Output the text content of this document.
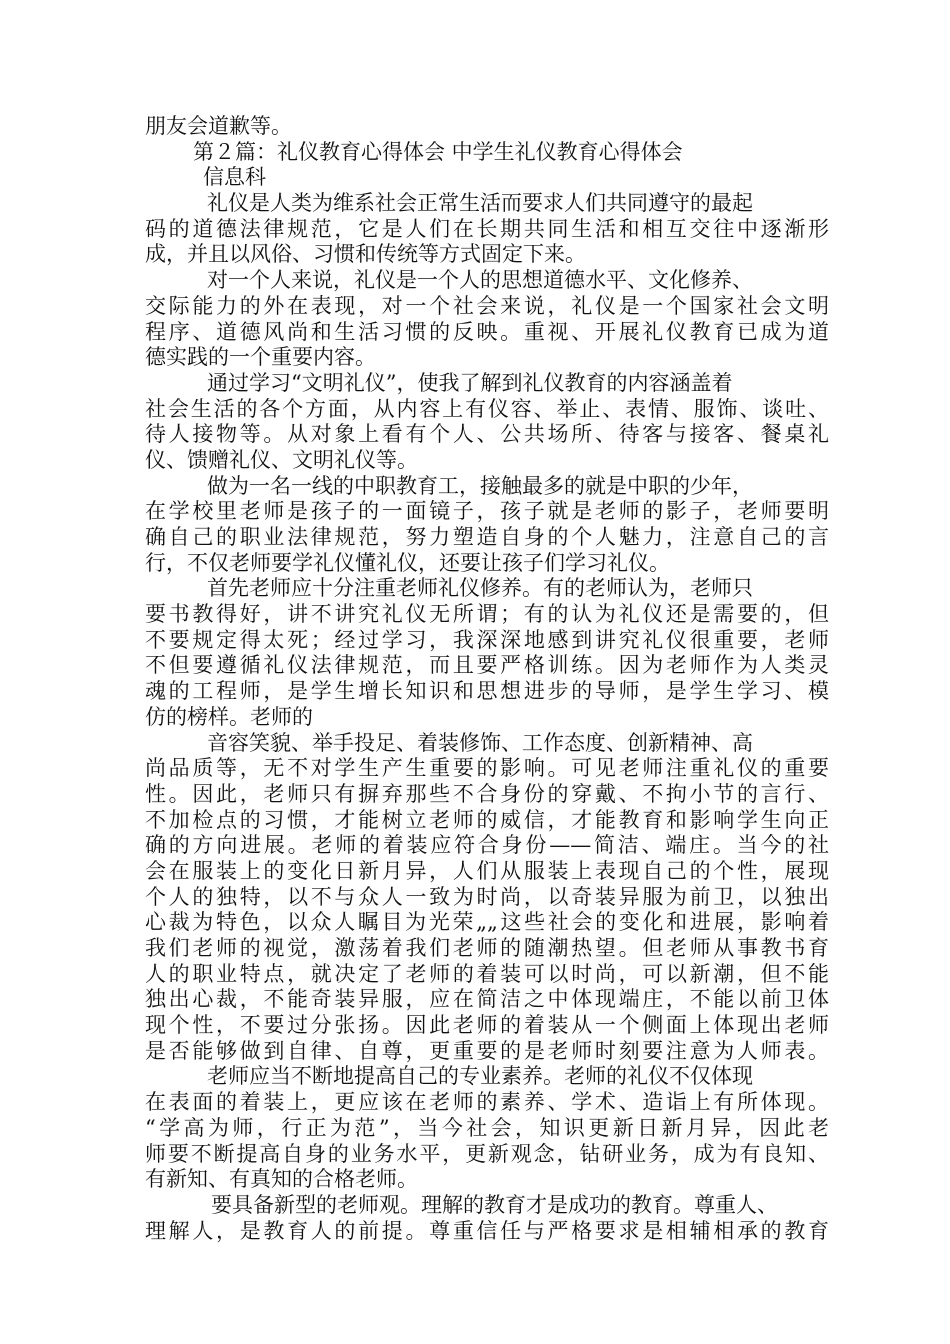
朋友会道歉等。
第２篇：礼仪教育心得体会 中学生礼仪教育心得体会
信息科
礼仪是人类为维系社会正常生活而要求人们共同遵守的最起
码的道德法律规范，它是人们在长期共同生活和相互交往中逐渐形
成，并且以风俗、习惯和传统等方式固定下来。
对一个人来说，礼仪是一个人的思想道德水平、文化修养、
交际能力的外在表现，对一个社会来说，礼仪是一个国家社会文明
程序、道德风尚和生活习惯的反映。重视、开展礼仪教育已成为道
德实践的一个重要内容。
通过学习“文明礼仪”，使我了解到礼仪教育的内容涵盖着
社会生活的各个方面，从内容上有仪容、举止、表情、服饰、谈吐、
待人接物等。从对象上看有个人、公共场所、待客与接客、餐桌礼
仪、馈赠礼仪、文明礼仪等。
做为一名一线的中职教育工，接触最多的就是中职的少年，
在学校里老师是孩子的一面镜子，孩子就是老师的影子，老师要明
确自己的职业法律规范，努力塑造自身的个人魅力，注意自己的言
行，不仅老师要学礼仪懂礼仪，还要让孩子们学习礼仪。
首先老师应十分注重老师礼仪修养。有的老师认为，老师只
要书教得好，讲不讲究礼仪无所谓；有的认为礼仪还是需要的，但
不要规定得太死；经过学习，我深深地感到讲究礼仪很重要，老师
不但要遵循礼仪法律规范，而且要严格训练。因为老师作为人类灵
魂的工程师，是学生增长知识和思想进步的导师，是学生学习、模
仿的榜样。老师的
音容笑貌、举手投足、着装修饰、工作态度、创新精神、高
尚品质等，无不对学生产生重要的影响。可见老师注重礼仪的重要
性。因此，老师只有摒弃那些不合身份的穿戴、不拘小节的言行、
不加检点的习惯，才能树立老师的威信，才能教育和影响学生向正
确的方向进展。老师的着装应符合身份——简洁、端庄。当今的社
会在服装上的变化日新月异，人们从服装上表现自己的个性，展现
个人的独特，以不与众人一致为时尚，以奇装异服为前卫，以独出
心裁为特色，以众人瞩目为光荣„„这些社会的变化和进展，影响着
我们老师的视觉，激荡着我们老师的随潮热望。但老师从事教书育
人的职业特点，就决定了老师的着装可以时尚，可以新潮，但不能
独出心裁，不能奇装异服，应在简洁之中体现端庄，不能以前卫体
现个性，不要过分张扬。因此老师的着装从一个侧面上体现出老师
是否能够做到自律、自尊，更重要的是老师时刻要注意为人师表。
老师应当不断地提高自己的专业素养。老师的礼仪不仅体现
在表面的着装上，更应该在老师的素养、学术、造诣上有所体现。
“学高为师，行正为范”，当今社会，知识更新日新月异，因此老
师要不断提高自身的业务水平，更新观念，钻研业务，成为有良知、
有新知、有真知的合格老师。
要具备新型的老师观。理解的教育才是成功的教育。尊重人、
理解人，是教育人的前提。尊重信任与严格要求是相辅相承的教育
